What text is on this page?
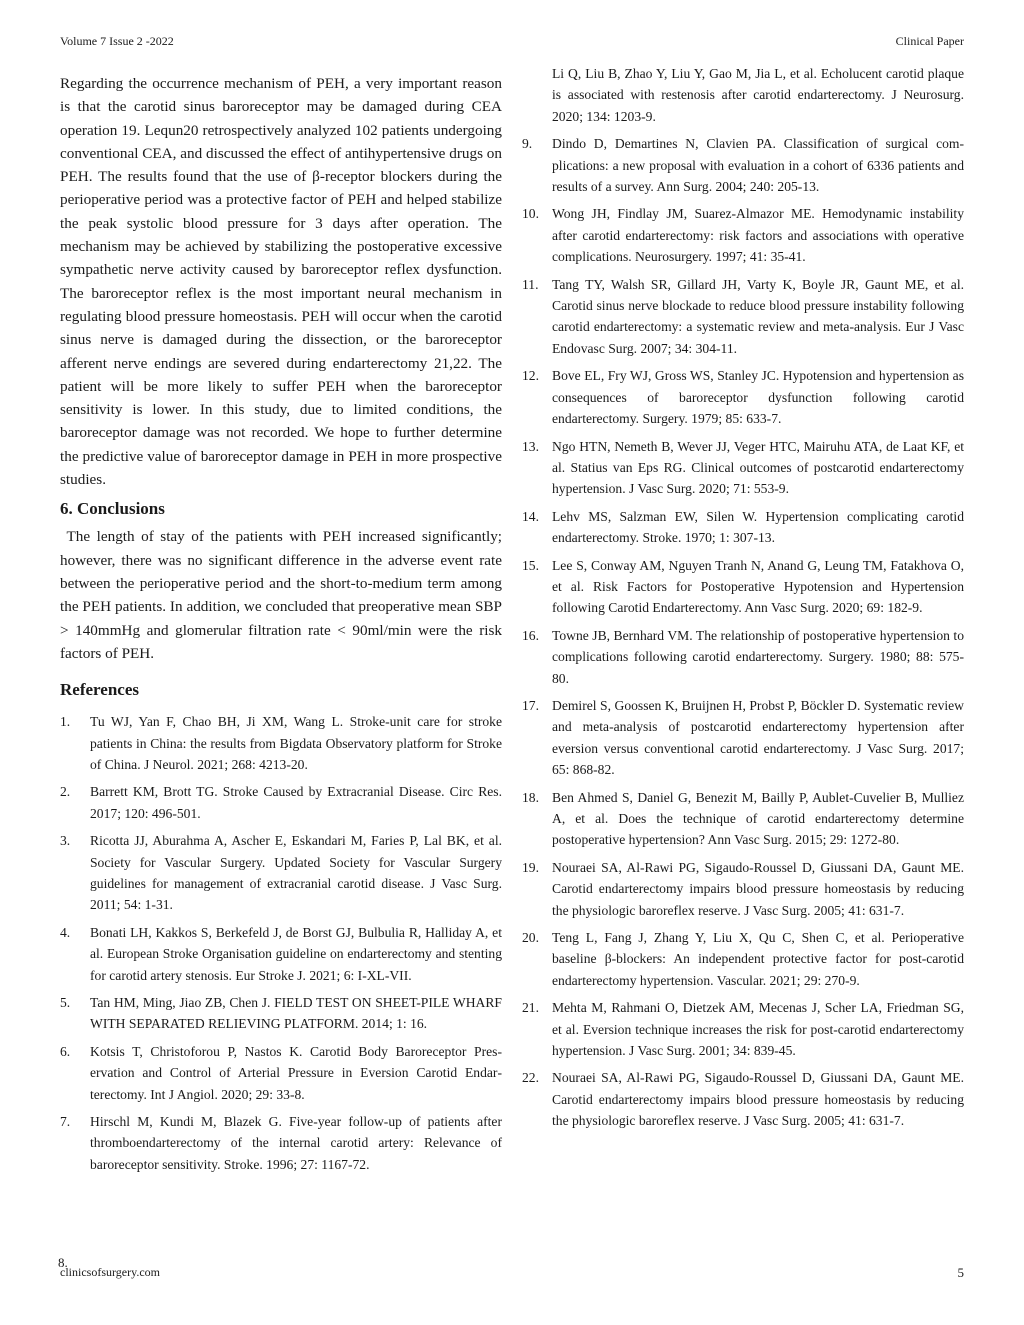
Volume 7 Issue 2 -2022	Clinical Paper

Regarding the occurrence mechanism of PEH, a very important reason is that the carotid sinus baroreceptor may be damaged during CEA operation 19. Lequn20 retrospectively analyzed 102 patients undergoing conventional CEA, and discussed the effect of antihypertensive drugs on PEH. The results found that the use of β-receptor blockers during the perioperative period was a protective factor of PEH and helped stabilize the peak systolic blood pressure for 3 days after operation. The mechanism may be achieved by stabilizing the postoperative excessive sympathetic nerve activity caused by baroreceptor reflex dysfunction. The baroreceptor reflex is the most important neural mechanism in regulating blood pressure homeostasis. PEH will occur when the carotid sinus nerve is damaged during the dissection, or the baroreceptor afferent nerve endings are severed during endarterectomy 21,22. The patient will be more likely to suffer PEH when the baroreceptor sensitivity is lower. In this study, due to limited conditions, the baroreceptor damage was not recorded. We hope to further determine the predictive value of baroreceptor damage in PEH in more prospective studies.

6. Conclusions

The length of stay of the patients with PEH increased significantly; however, there was no significant difference in the adverse event rate between the perioperative period and the short-to-medium term among the PEH patients. In addition, we concluded that preoperative mean SBP > 140mmHg and glomerular filtration rate < 90ml/min were the risk factors of PEH.

References
1.	Tu WJ, Yan F, Chao BH, Ji XM, Wang L. Stroke-unit care for stroke patients in China: the results from Bigdata Observatory platform for Stroke of China. J Neurol. 2021; 268: 4213-20.
2.	Barrett KM, Brott TG. Stroke Caused by Extracranial Disease. Circ Res. 2017; 120: 496-501.
3.	Ricotta JJ, Aburahma A, Ascher E, Eskandari M, Faries P, Lal BK, et al. Society for Vascular Surgery. Updated Society for Vascular Surgery guidelines for management of extracranial carotid disease. J Vasc Surg. 2011; 54: 1-31.
4.	Bonati LH, Kakkos S, Berkefeld J, de Borst GJ, Bulbulia R, Halliday A, et al. European Stroke Organisation guideline on endarterectomy and stenting for carotid artery stenosis. Eur Stroke J. 2021; 6: I-XL-VII.
5.	Tan HM, Ming, Jiao ZB, Chen J. FIELD TEST ON SHEET-PILE WHARF WITH SEPARATED RELIEVING PLATFORM. 2014; 1: 16.
6.	Kotsis T, Christoforou P, Nastos K. Carotid Body Baroreceptor Preservation and Control of Arterial Pressure in Eversion Carotid Endarterectomy. Int J Angiol. 2020; 29: 33-8.
7.	Hirschl M, Kundi M, Blazek G. Five-year follow-up of patients after thromboendarterectomy of the internal carotid artery: Relevance of baroreceptor sensitivity. Stroke. 1996; 27: 1167-72.
Li Q, Liu B, Zhao Y, Liu Y, Gao M, Jia L, et al. Echolucent carotid plaque is associated with restenosis after carotid endarterectomy. J Neurosurg. 2020; 134: 1203-9.
9.	Dindo D, Demartines N, Clavien PA. Classification of surgical complications: a new proposal with evaluation in a cohort of 6336 patients and results of a survey. Ann Surg. 2004; 240: 205-13.
10. Wong JH, Findlay JM, Suarez-Almazor ME. Hemodynamic instability after carotid endarterectomy: risk factors and associations with operative complications. Neurosurgery. 1997; 41: 35-41.
11. Tang TY, Walsh SR, Gillard JH, Varty K, Boyle JR, Gaunt ME, et al. Carotid sinus nerve blockade to reduce blood pressure instability following carotid endarterectomy: a systematic review and meta-analysis. Eur J Vasc Endovasc Surg. 2007; 34: 304-11.
12. Bove EL, Fry WJ, Gross WS, Stanley JC. Hypotension and hypertension as consequences of baroreceptor dysfunction following carotid endarterectomy. Surgery. 1979; 85: 633-7.
13. Ngo HTN, Nemeth B, Wever JJ, Veger HTC, Mairuhu ATA, de Laat KF, et al. Statius van Eps RG. Clinical outcomes of postcarotid endarterectomy hypertension. J Vasc Surg. 2020; 71: 553-9.
14. Lehv MS, Salzman EW, Silen W. Hypertension complicating carotid endarterectomy. Stroke. 1970; 1: 307-13.
15. Lee S, Conway AM, Nguyen Tranh N, Anand G, Leung TM, Fatakhova O, et al. Risk Factors for Postoperative Hypotension and Hypertension following Carotid Endarterectomy. Ann Vasc Surg. 2020; 69: 182-9.
16. Towne JB, Bernhard VM. The relationship of postoperative hypertension to complications following carotid endarterectomy. Surgery. 1980; 88: 575-80.
17. Demirel S, Goossen K, Bruijnen H, Probst P, Böckler D. Systematic review and meta-analysis of postcarotid endarterectomy hypertension after eversion versus conventional carotid endarterectomy. J Vasc Surg. 2017; 65: 868-82.
18. Ben Ahmed S, Daniel G, Benezit M, Bailly P, Aublet-Cuvelier B, Mulliez A, et al. Does the technique of carotid endarterectomy determine postoperative hypertension? Ann Vasc Surg. 2015; 29: 1272-80.
19. Nouraei SA, Al-Rawi PG, Sigaudo-Roussel D, Giussani DA, Gaunt ME. Carotid endarterectomy impairs blood pressure homeostasis by reducing the physiologic baroreflex reserve. J Vasc Surg. 2005; 41: 631-7.
20. Teng L, Fang J, Zhang Y, Liu X, Qu C, Shen C, et al. Perioperative baseline β-blockers: An independent protective factor for post-carotid endarterectomy hypertension. Vascular. 2021; 29: 270-9.
21. Mehta M, Rahmani O, Dietzek AM, Mecenas J, Scher LA, Friedman SG, et al. Eversion technique increases the risk for post-carotid endarterectomy hypertension. J Vasc Surg. 2001; 34: 839-45.
22. Nouraei SA, Al-Rawi PG, Sigaudo-Roussel D, Giussani DA, Gaunt ME. Carotid endarterectomy impairs blood pressure homeostasis by reducing the physiologic baroreflex reserve. J Vasc Surg. 2005; 41: 631-7.
8.
clinicsofsurgery.com	5
